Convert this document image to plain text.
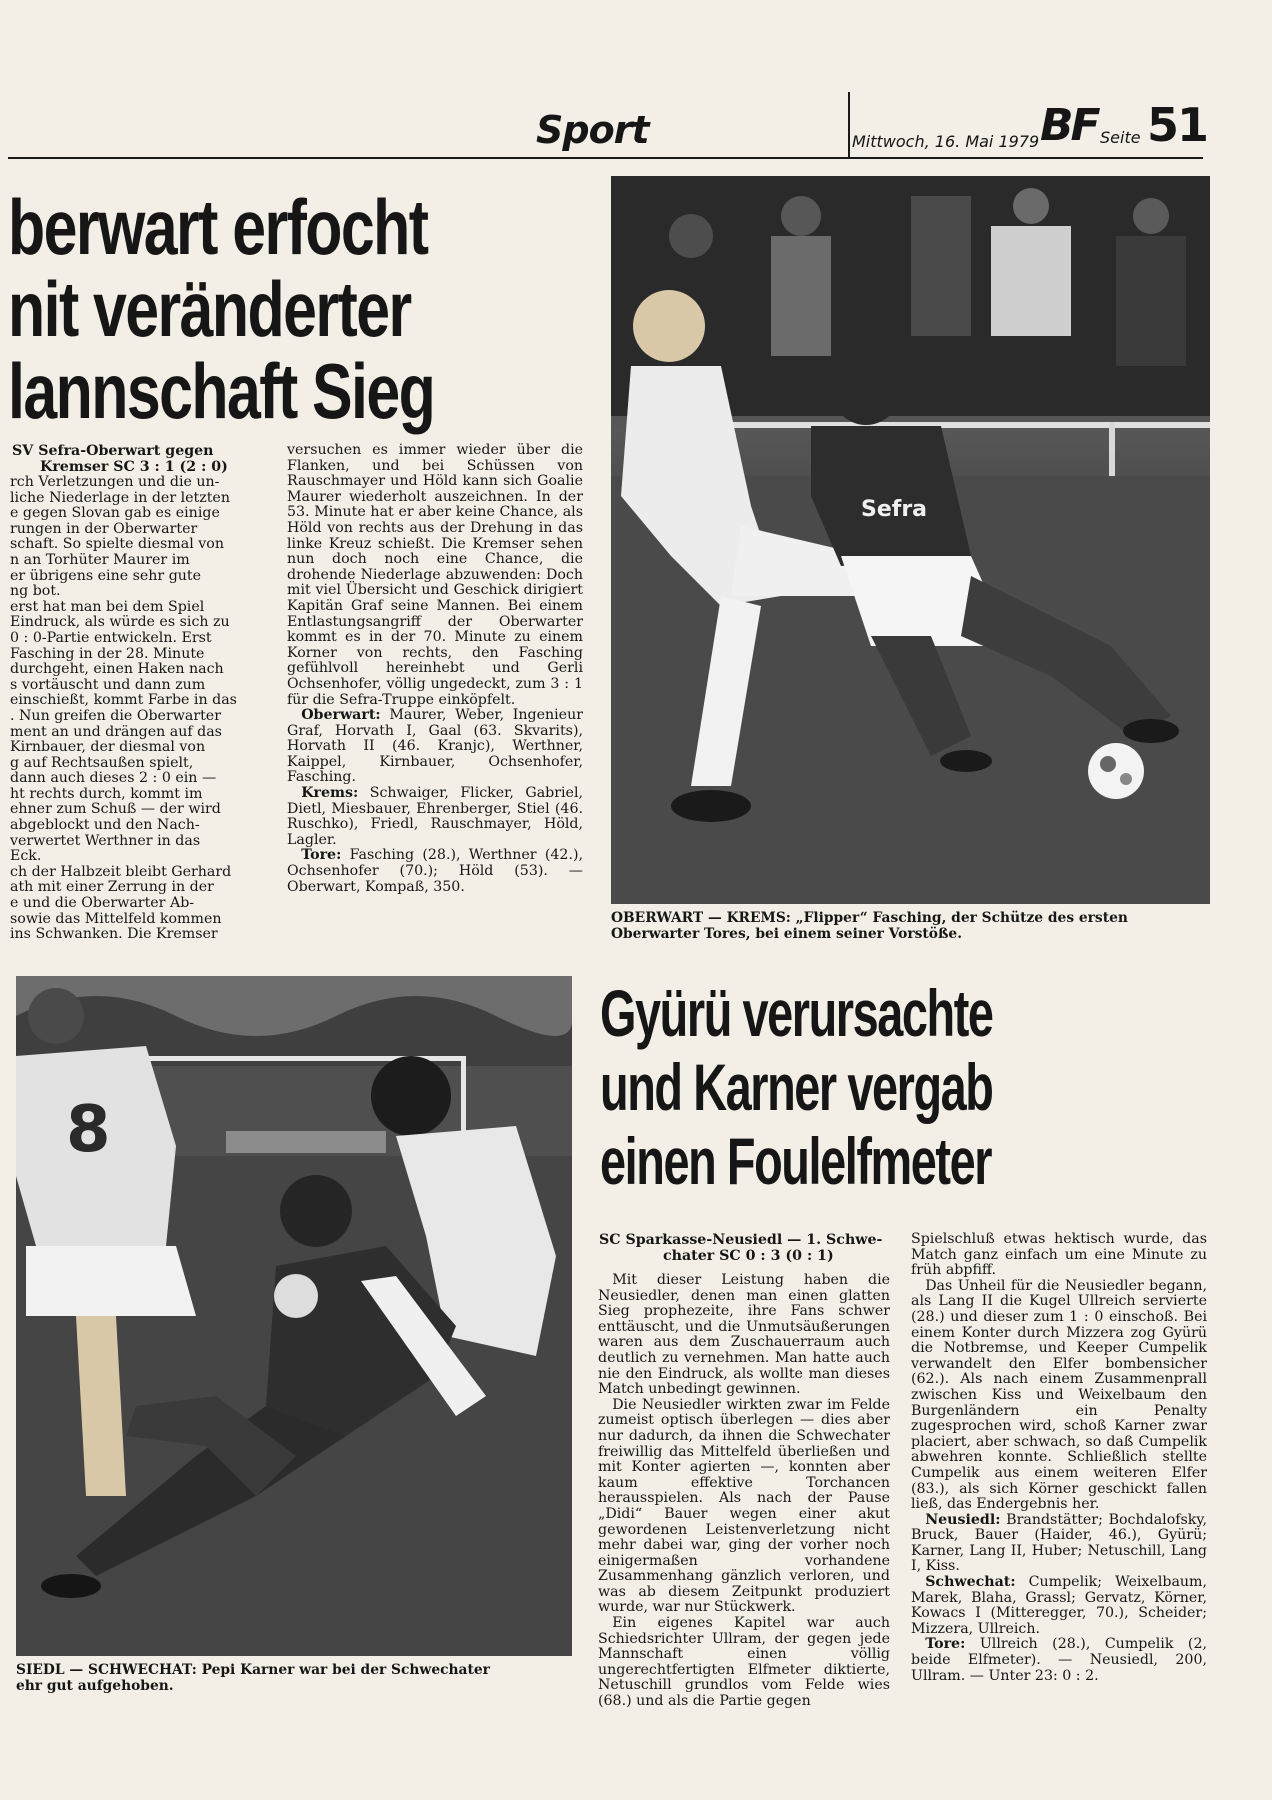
Sport	Mittwoch, 16. Mai 1979 BF Seite 51
berwart erfocht
nit veränderter
lannschaft Sieg
SV Sefra-Oberwart gegen
Kremser SC 3 : 1 (2 : 0)
rch Verletzungen und die un-
liche Niederlage in der letzten
e gegen Slovan gab es einige
rungen in der Oberwarter
schaft. So spielte diesmal von
n an Torhüter Maurer im
er übrigens eine sehr gute
ng bot.
erst hat man bei dem Spiel
Eindruck, als würde es sich zu
0 : 0-Partie entwickeln. Erst
Fasching in der 28. Minute
durchgeht, einen Haken nach
s vortäuscht und dann zum
einschießt, kommt Farbe in das
. Nun greifen die Oberwarter
ment an und drängen auf das
Kirnbauer, der diesmal von
g auf Rechtsaußen spielt,
dann auch dieses 2 : 0 ein —
ht rechts durch, kommt im
ehner zum Schuß — der wird
abgeblockt und den Nach-
verwertet Werthner in das
Eck.
ch der Halbzeit bleibt Gerhard
ath mit einer Zerrung in der
e und die Oberwarter Ab-
sowie das Mittelfeld kommen
ins Schwanken. Die Kremser

versuchen es immer wieder über die Flanken, und bei Schüssen von Rauschmayer und Höld kann sich Goalie Maurer wiederholt auszeichnen. In der 53. Minute hat er aber keine Chance, als Höld von rechts aus der Drehung in das linke Kreuz schießt. Die Kremser sehen nun doch noch eine Chance, die drohende Niederlage abzuwenden: Doch mit viel Übersicht und Geschick dirigiert Kapitän Graf seine Mannen. Bei einem Entlastungsangriff der Oberwarter kommt es in der 70. Minute zu einem Korner von rechts, den Fasching gefühlvoll hereinhebt und Gerli Ochsenhofer, völlig ungedeckt, zum 3 : 1 für die Sefra-Truppe einköpfelt.

Oberwart: Maurer, Weber, Ingenieur Graf, Horvath I, Gaal (63. Skvarits), Horvath II (46. Kranjc), Werthner, Kaippel, Kirnbauer, Ochsenhofer, Fasching.

Krems: Schwaiger, Flicker, Gabriel, Dietl, Miesbauer, Ehrenberger, Stiel (46. Ruschko), Friedl, Rauschmayer, Höld, Lagler.

Tore: Fasching (28.), Werthner (42.), Ochsenhofer (70.); Höld (53). — Oberwart, Kompaß, 350.

Sefra
OBERWART — KREMS: „Flipper“ Fasching, der Schütze des ersten Oberwarter Tores, bei einem seiner Vorstöße.
8
SIEDL — SCHWECHAT: Pepi Karner war bei der Schwechater
ehr gut aufgehoben.
Gyürü verursachte
und Karner vergab
einen Foulelfmeter
SC Sparkasse-Neusiedl — 1. Schwe-
chater SC 0 : 3 (0 : 1)

Mit dieser Leistung haben die Neusiedler, denen man einen glatten Sieg prophezeite, ihre Fans schwer enttäuscht, und die Unmutsäußerungen waren aus dem Zuschauerraum auch deutlich zu vernehmen. Man hatte auch nie den Eindruck, als wollte man dieses Match unbedingt gewinnen.

Die Neusiedler wirkten zwar im Felde zumeist optisch überlegen — dies aber nur dadurch, da ihnen die Schwechater freiwillig das Mittelfeld überließen und mit Konter agierten —, konnten aber kaum effektive Torchancen herausspielen. Als nach der Pause „Didi“ Bauer wegen einer akut gewordenen Leistenverletzung nicht mehr dabei war, ging der vorher noch einigermaßen vorhandene Zusammenhang gänzlich verloren, und was ab diesem Zeitpunkt produziert wurde, war nur Stückwerk.

Ein eigenes Kapitel war auch Schiedsrichter Ullram, der gegen jede Mannschaft einen völlig ungerechtfertigten Elfmeter diktierte, Netuschill grundlos vom Felde wies (68.) und als die Partie gegen

Spielschluß etwas hektisch wurde, das Match ganz einfach um eine Minute zu früh abpfiff.

Das Unheil für die Neusiedler begann, als Lang II die Kugel Ullreich servierte (28.) und dieser zum 1 : 0 einschoß. Bei einem Konter durch Mizzera zog Gyürü die Notbremse, und Keeper Cumpelik verwandelt den Elfer bombensicher (62.). Als nach einem Zusammenprall zwischen Kiss und Weixelbaum den Burgenländern ein Penalty zugesprochen wird, schoß Karner zwar placiert, aber schwach, so daß Cumpelik abwehren konnte. Schließlich stellte Cumpelik aus einem weiteren Elfer (83.), als sich Körner geschickt fallen ließ, das Endergebnis her.

Neusiedl: Brandstätter; Bochdalofsky, Bruck, Bauer (Haider, 46.), Gyürü; Karner, Lang II, Huber; Netuschill, Lang I, Kiss.

Schwechat: Cumpelik; Weixelbaum, Marek, Blaha, Grassl; Gervatz, Körner, Kowacs I (Mitteregger, 70.), Scheider; Mizzera, Ullreich.

Tore: Ullreich (28.), Cumpelik (2, beide Elfmeter). — Neusiedl, 200, Ullram. — Unter 23: 0 : 2.
